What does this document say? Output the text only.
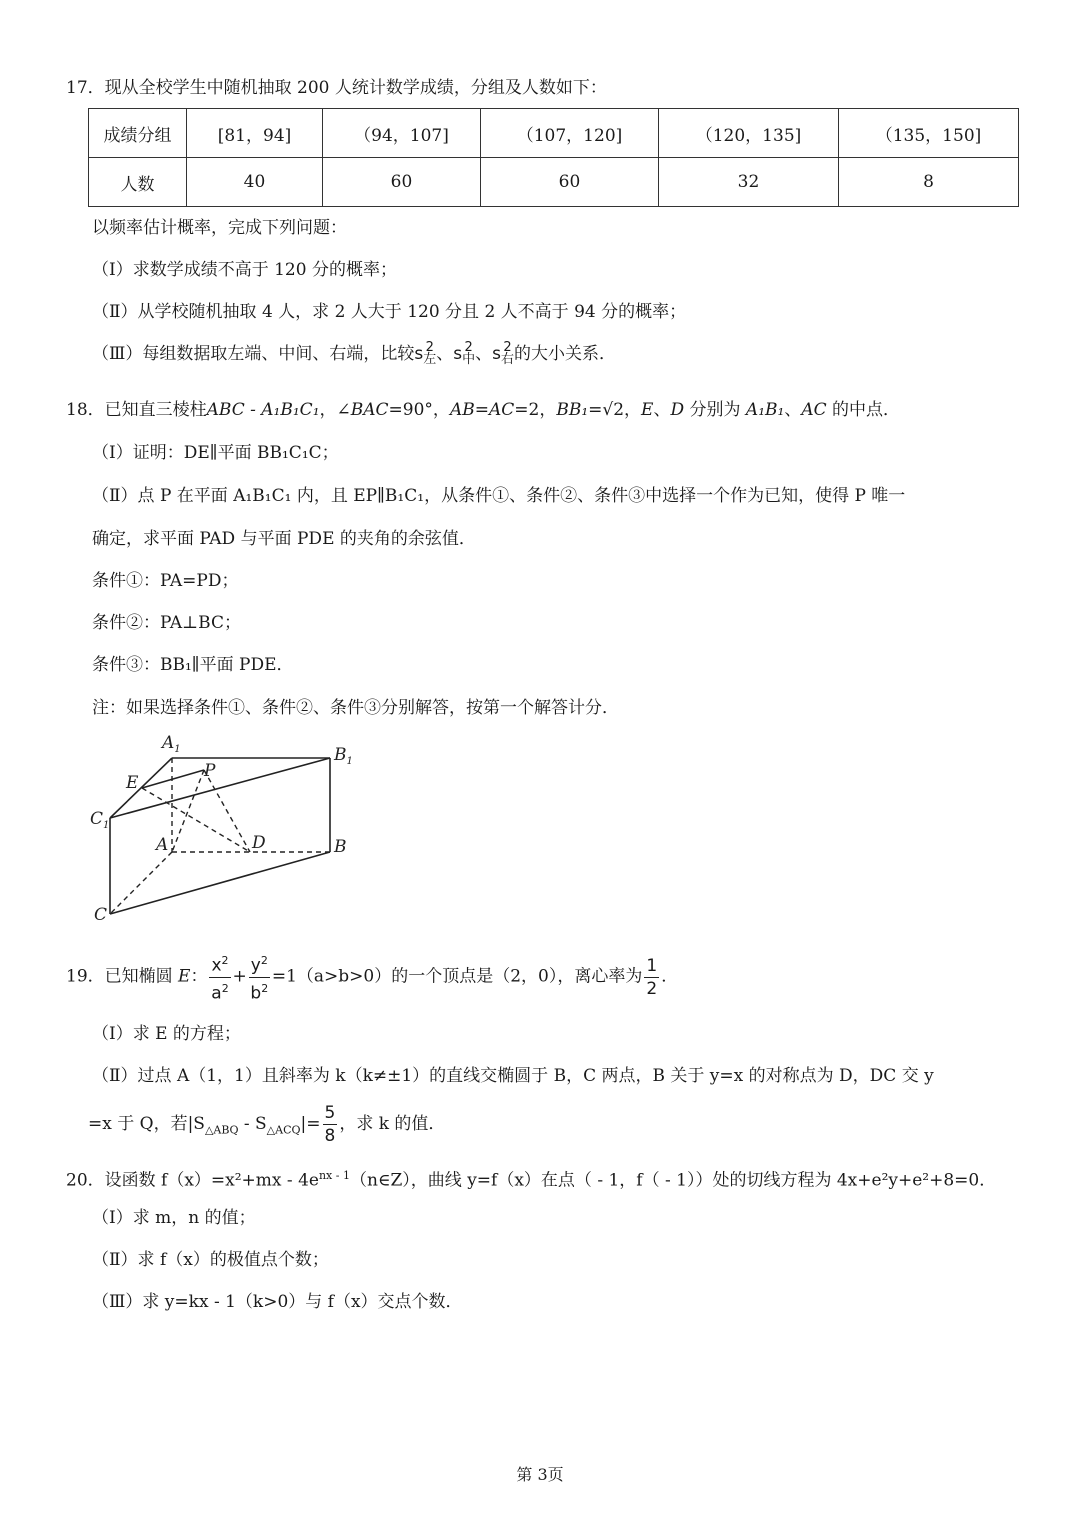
17．现从全校学生中随机抽取 200 人统计数学成绩，分组及人数如下：
成绩分组	[81，94]	（94，107]	（107，120]	（120，135]	（135，150]
人数	40	60	60	32	8
以频率估计概率，完成下列问题：
（Ⅰ）求数学成绩不高于 120 分的概率；
（Ⅱ）从学校随机抽取 4 人，求 2 人大于 120 分且 2 人不高于 94 分的概率；
（Ⅲ）每组数据取左端、中间、右端，比较s 2
左 、s 2
中 、s 2
右 的大小关系．
18．已知直三棱柱ABC - A₁B₁C₁，∠BAC=90°，AB=AC=2，BB₁=√2，E、D 分别为 A₁B₁、AC 的中点．
（Ⅰ）证明：DE∥平面 BB₁C₁C；
（Ⅱ）点 P 在平面 A₁B₁C₁ 内，且 EP∥B₁C₁，从条件①、条件②、条件③中选择一个作为已知，使得 P 唯一
确定，求平面 PAD 与平面 PDE 的夹角的余弦值．
条件①：PA=PD；
条件②：PA⊥BC；
条件③：BB₁∥平面 PDE．
注：如果选择条件①、条件②、条件③分别解答，按第一个解答计分．
$A_1$	$B_1$
$C_1$
E
P
A	D	B
C
19．已知椭圆 E： $\frac{x^2}{a^2} + \frac{y^2}{b^2} =1(a>b>0)$的一个顶点是（2，0），离心率为 $\frac{1}{2}$ ．
（Ⅰ）求 E 的方程；
（Ⅱ）过点 A（1，1）且斜率为 k（k≠±1）的直线交椭圆于 B，C 两点，B 关于 y=x 的对称点为 D，DC 交 y
=x 于 Q，若$|S_{\triangle ABQ} - S_{\triangle ACQ}|= \frac{5}{8}$ ，求 k 的值．
20．设函数 $f(x)=x^2+mx - 4e^{nx - 1}(n\in Z)$，曲线 y=f（x）在点（ - 1，f（ - 1））处的切线方程为 4x+e²y+e²+8=0．
（Ⅰ）求 m，n 的值；
（Ⅱ）求 f（x）的极值点个数；
（Ⅲ）求 y=kx - 1（k>0）与 f（x）交点个数．
第 3页
